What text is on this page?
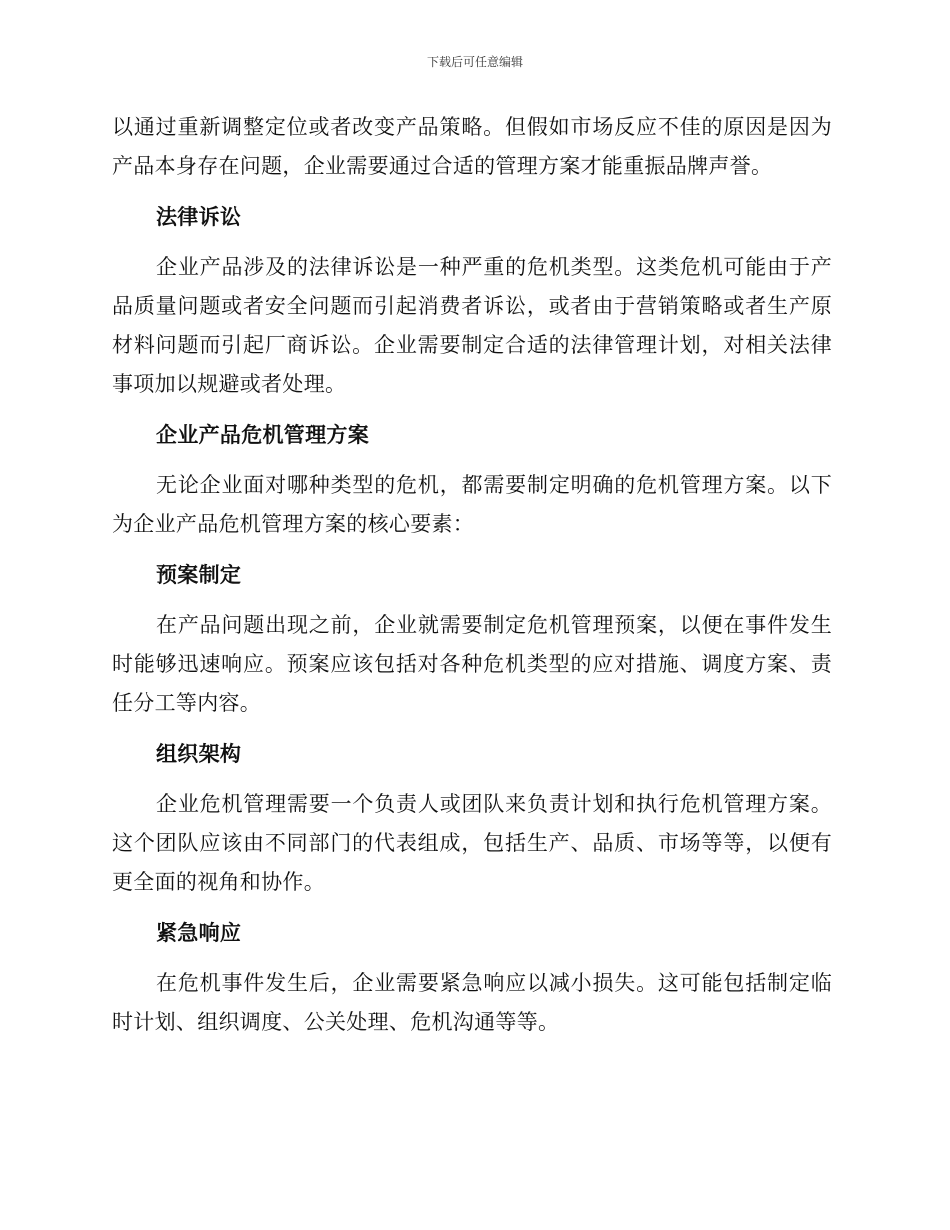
下载后可任意编辑

以通过重新调整定位或者改变产品策略。但假如市场反应不佳的原因是因为产品本身存在问题，企业需要通过合适的管理方案才能重振品牌声誉。

法律诉讼

企业产品涉及的法律诉讼是一种严重的危机类型。这类危机可能由于产品质量问题或者安全问题而引起消费者诉讼，或者由于营销策略或者生产原材料问题而引起厂商诉讼。企业需要制定合适的法律管理计划，对相关法律事项加以规避或者处理。

企业产品危机管理方案

无论企业面对哪种类型的危机，都需要制定明确的危机管理方案。以下为企业产品危机管理方案的核心要素：

预案制定

在产品问题出现之前，企业就需要制定危机管理预案，以便在事件发生时能够迅速响应。预案应该包括对各种危机类型的应对措施、调度方案、责任分工等内容。

组织架构

企业危机管理需要一个负责人或团队来负责计划和执行危机管理方案。这个团队应该由不同部门的代表组成，包括生产、品质、市场等等，以便有更全面的视角和协作。

紧急响应

在危机事件发生后，企业需要紧急响应以减小损失。这可能包括制定临时计划、组织调度、公关处理、危机沟通等等。
